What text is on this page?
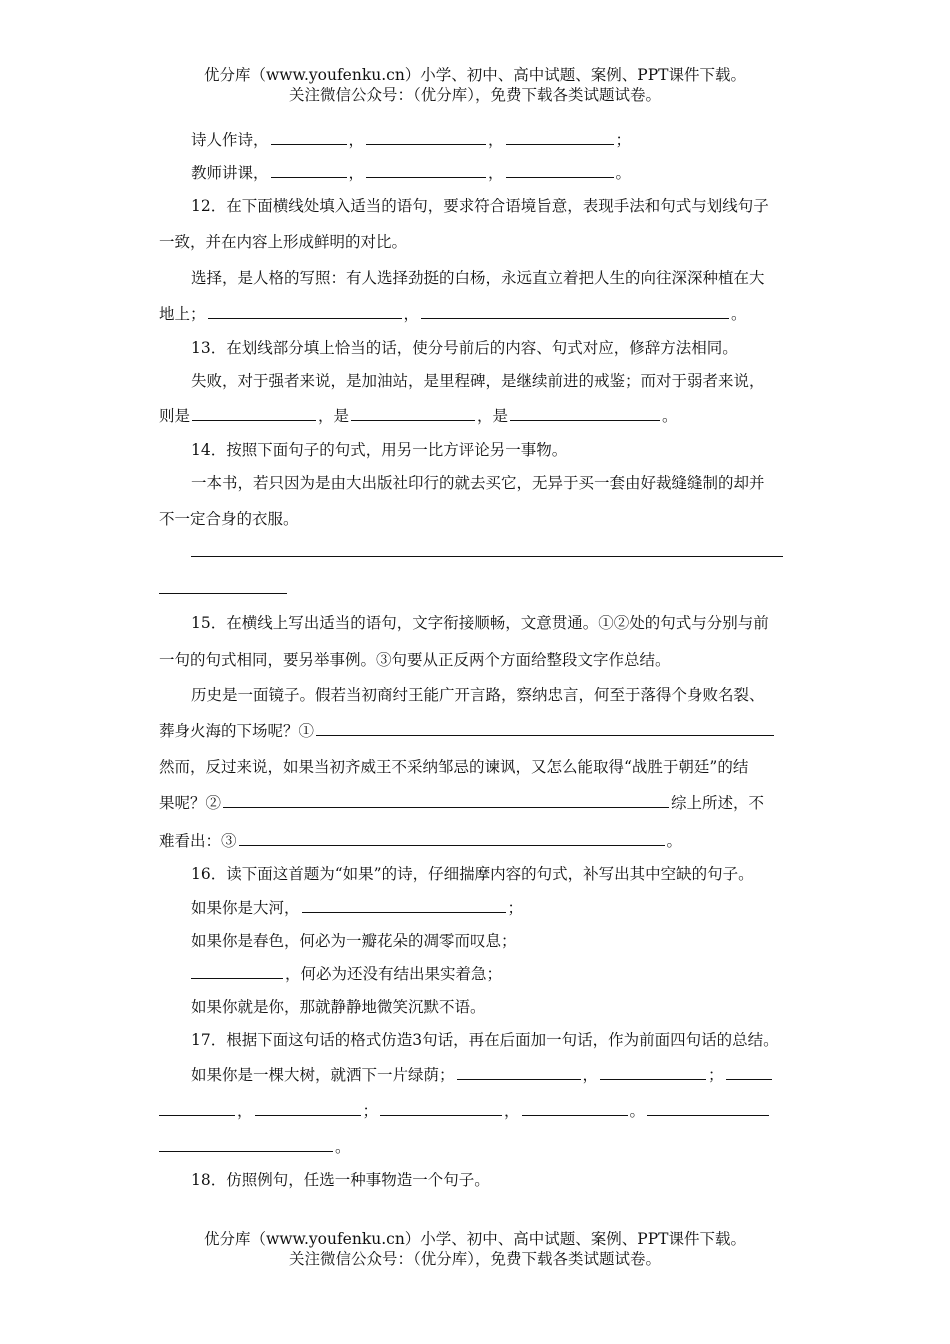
优分库（www.youfenku.cn）小学、初中、高中试题、案例、PPT课件下载。
关注微信公众号：（优分库），免费下载各类试题试卷。
诗人作诗，	，	，	；
教师讲课，	，	，	。
12．在下面横线处填入适当的语句，要求符合语境旨意，表现手法和句式与划线句子
一致，并在内容上形成鲜明的对比。
选择，是人格的写照：有人选择劲挺的白杨，永远直立着把人生的向往深深种植在大
地上；	，	。
13．在划线部分填上恰当的话，使分号前后的内容、句式对应，修辞方法相同。
失败，对于强者来说，是加油站，是里程碑，是继续前进的戒鉴；而对于弱者来说，
则是	，是	，是	。
14．按照下面句子的句式，用另一比方评论另一事物。
一本书，若只因为是由大出版社印行的就去买它，无异于买一套由好裁缝缝制的却并
不一定合身的衣服。
15．在横线上写出适当的语句，文字衔接顺畅，文意贯通。①②处的句式与分别与前
一句的句式相同，要另举事例。③句要从正反两个方面给整段文字作总结。
历史是一面镜子。假若当初商纣王能广开言路，察纳忠言，何至于落得个身败名裂、
葬身火海的下场呢？①
然而，反过来说，如果当初齐威王不采纳邹忌的谏讽，又怎么能取得“战胜于朝廷”的结
果呢？②	综上所述，不
难看出：③	。
16．读下面这首题为“如果”的诗，仔细揣摩内容的句式，补写出其中空缺的句子。
如果你是大河，	；
如果你是春色，何必为一瓣花朵的凋零而叹息；
，何必为还没有结出果实着急；
如果你就是你，那就静静地微笑沉默不语。
17．根据下面这句话的格式仿造3句话，再在后面加一句话，作为前面四句话的总结。
如果你是一棵大树，就洒下一片绿荫；	，	；
，	；	，	。
。
18．仿照例句，任选一种事物造一个句子。
优分库（www.youfenku.cn）小学、初中、高中试题、案例、PPT课件下载。
关注微信公众号：（优分库），免费下载各类试题试卷。
